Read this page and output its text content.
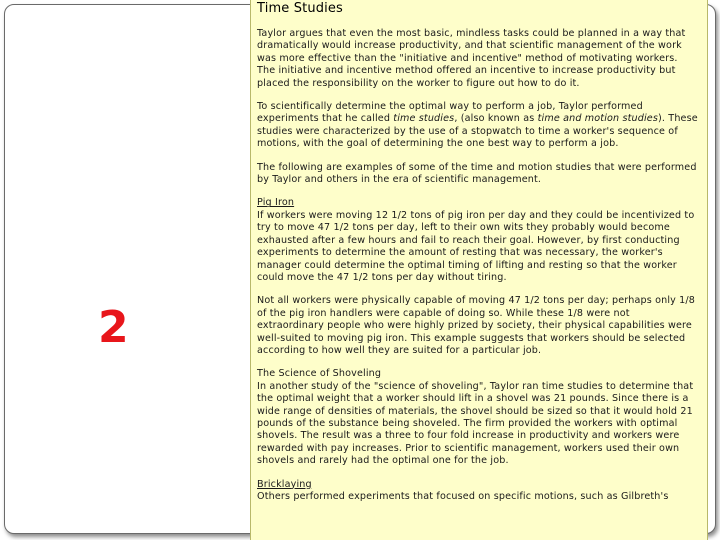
2
Time Studies

Taylor argues that even the most basic, mindless tasks could be planned in a way that dramatically would increase productivity, and that scientific management of the work was more effective than the "initiative and incentive" method of motivating workers. The initiative and incentive method offered an incentive to increase productivity but placed the responsibility on the worker to figure out how to do it.

To scientifically determine the optimal way to perform a job, Taylor performed experiments that he called time studies, (also known as time and motion studies). These studies were characterized by the use of a stopwatch to time a worker's sequence of motions, with the goal of determining the one best way to perform a job.

The following are examples of some of the time and motion studies that were performed by Taylor and others in the era of scientific management.

Pig Iron
If workers were moving 12 1/2 tons of pig iron per day and they could be incentivized to try to move 47 1/2 tons per day, left to their own wits they probably would become exhausted after a few hours and fail to reach their goal. However, by first conducting experiments to determine the amount of resting that was necessary, the worker's manager could determine the optimal timing of lifting and resting so that the worker could move the 47 1/2 tons per day without tiring.

Not all workers were physically capable of moving 47 1/2 tons per day; perhaps only 1/8 of the pig iron handlers were capable of doing so. While these 1/8 were not extraordinary people who were highly prized by society, their physical capabilities were well-suited to moving pig iron. This example suggests that workers should be selected according to how well they are suited for a particular job.

The Science of Shoveling
In another study of the "science of shoveling", Taylor ran time studies to determine that the optimal weight that a worker should lift in a shovel was 21 pounds. Since there is a wide range of densities of materials, the shovel should be sized so that it would hold 21 pounds of the substance being shoveled. The firm provided the workers with optimal shovels. The result was a three to four fold increase in productivity and workers were rewarded with pay increases. Prior to scientific management, workers used their own shovels and rarely had the optimal one for the job.

Bricklaying
Others performed experiments that focused on specific motions, such as Gilbreth's
